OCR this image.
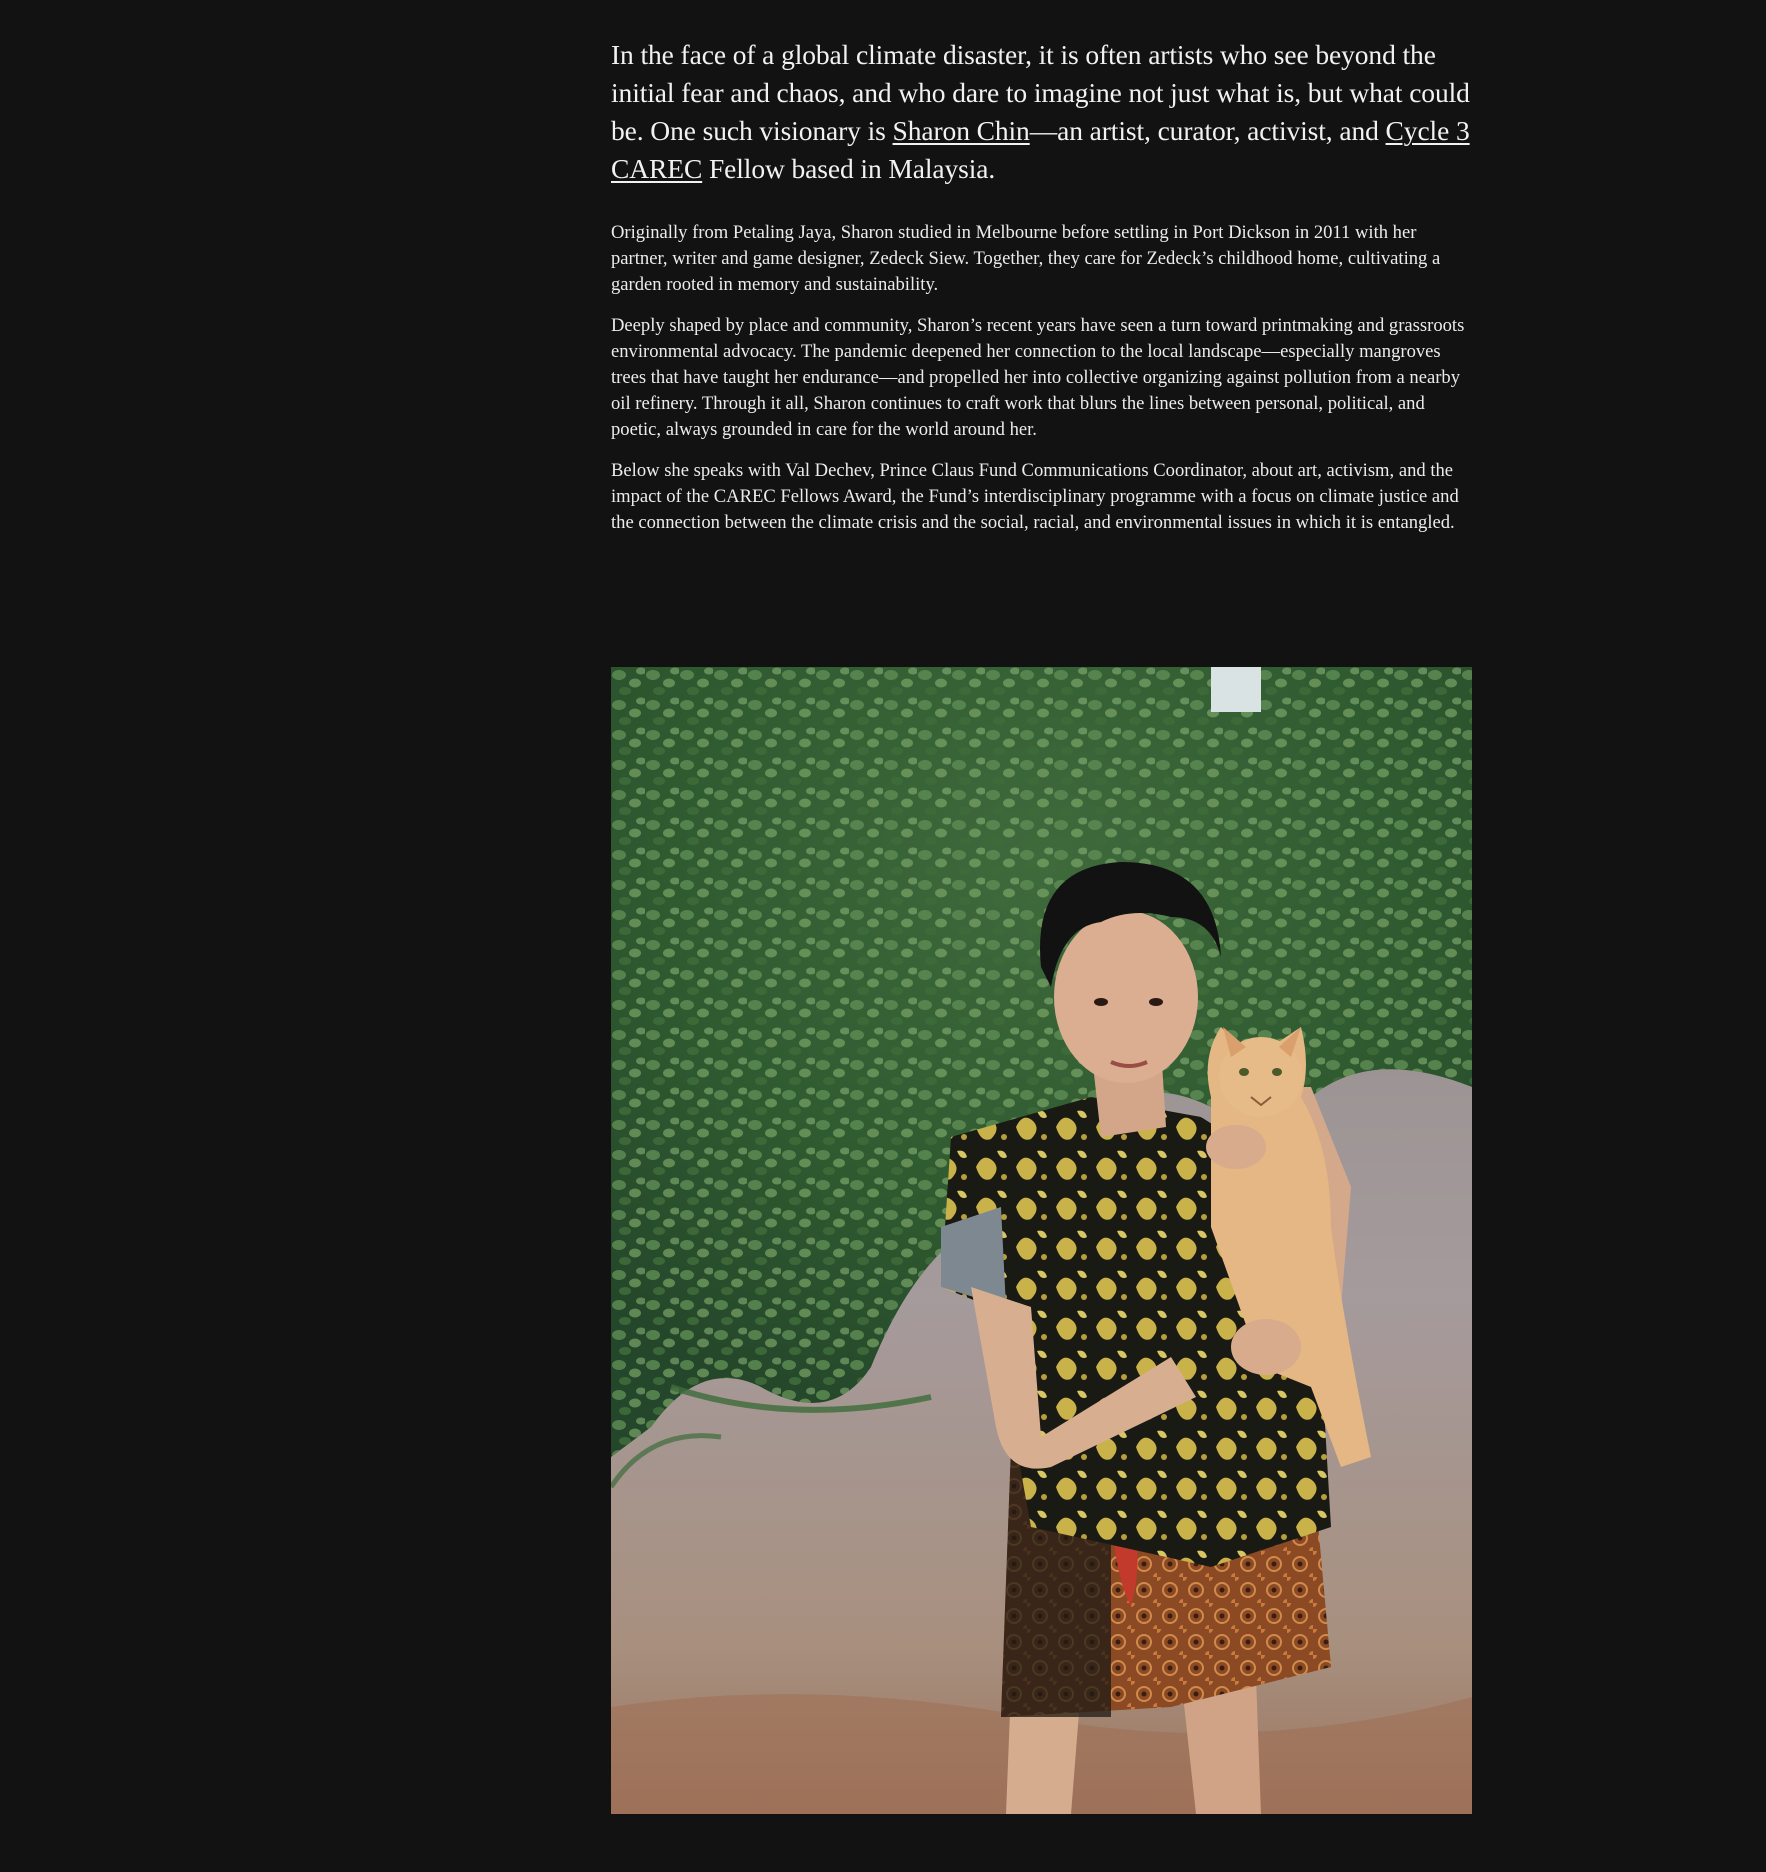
In the face of a global climate disaster, it is often artists who see beyond the initial fear and chaos, and who dare to imagine not just what is, but what could be. One such visionary is Sharon Chin—an artist, curator, activist, and Cycle 3 CAREC Fellow based in Malaysia.

Originally from Petaling Jaya, Sharon studied in Melbourne before settling in Port Dickson in 2011 with her partner, writer and game designer, Zedeck Siew. Together, they care for Zedeck’s childhood home, cultivating a garden rooted in memory and sustainability.

Deeply shaped by place and community, Sharon’s recent years have seen a turn toward printmaking and grassroots environmental advocacy. The pandemic deepened her connection to the local landscape—especially mangroves trees that have taught her endurance—and propelled her into collective organizing against pollution from a nearby oil refinery. Through it all, Sharon continues to craft work that blurs the lines between personal, political, and poetic, always grounded in care for the world around her.

Below she speaks with Val Dechev, Prince Claus Fund Communications Coordinator, about art, activism, and the impact of the CAREC Fellows Award, the Fund’s interdisciplinary programme with a focus on climate justice and the connection between the climate crisis and the social, racial, and environmental issues in which it is entangled.
